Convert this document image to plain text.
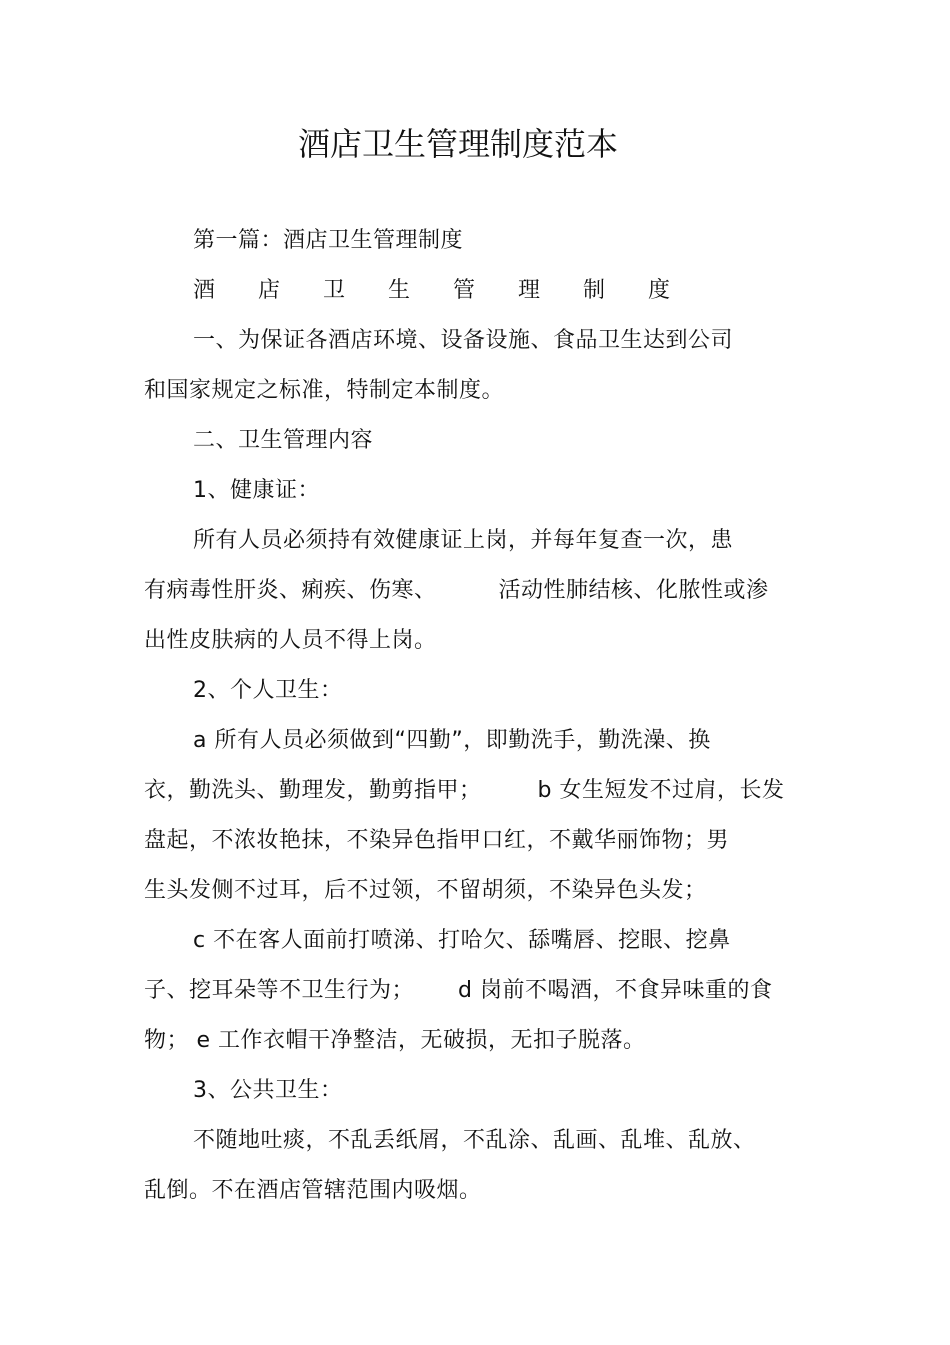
酒店卫生管理制度范本
第一篇：酒店卫生管理制度
酒 店 卫 生 管 理 制 度
一、为保证各酒店环境、设备设施、食品卫生达到公司
和国家规定之标准，特制定本制度。
二、卫生管理内容
1、健康证：
所有人员必须持有效健康证上岗，并每年复查一次，患
有病毒性肝炎、痢疾、伤寒、	活动性肺结核、化脓性或渗
出性皮肤病的人员不得上岗。
2、个人卫生：
a 所有人员必须做到“四勤”，即勤洗手，勤洗澡、换
衣，勤洗头、勤理发，勤剪指甲；	b 女生短发不过肩，长发
盘起，不浓妆艳抹，不染异色指甲口红，不戴华丽饰物；男
生头发侧不过耳，后不过领，不留胡须，不染异色头发；
c 不在客人面前打喷涕、打哈欠、舔嘴唇、挖眼、挖鼻
子、挖耳朵等不卫生行为； d 岗前不喝酒，不食异味重的食
物； e 工作衣帽干净整洁，无破损，无扣子脱落。
3、公共卫生：
不随地吐痰，不乱丢纸屑，不乱涂、乱画、乱堆、乱放、
乱倒。不在酒店管辖范围内吸烟。
